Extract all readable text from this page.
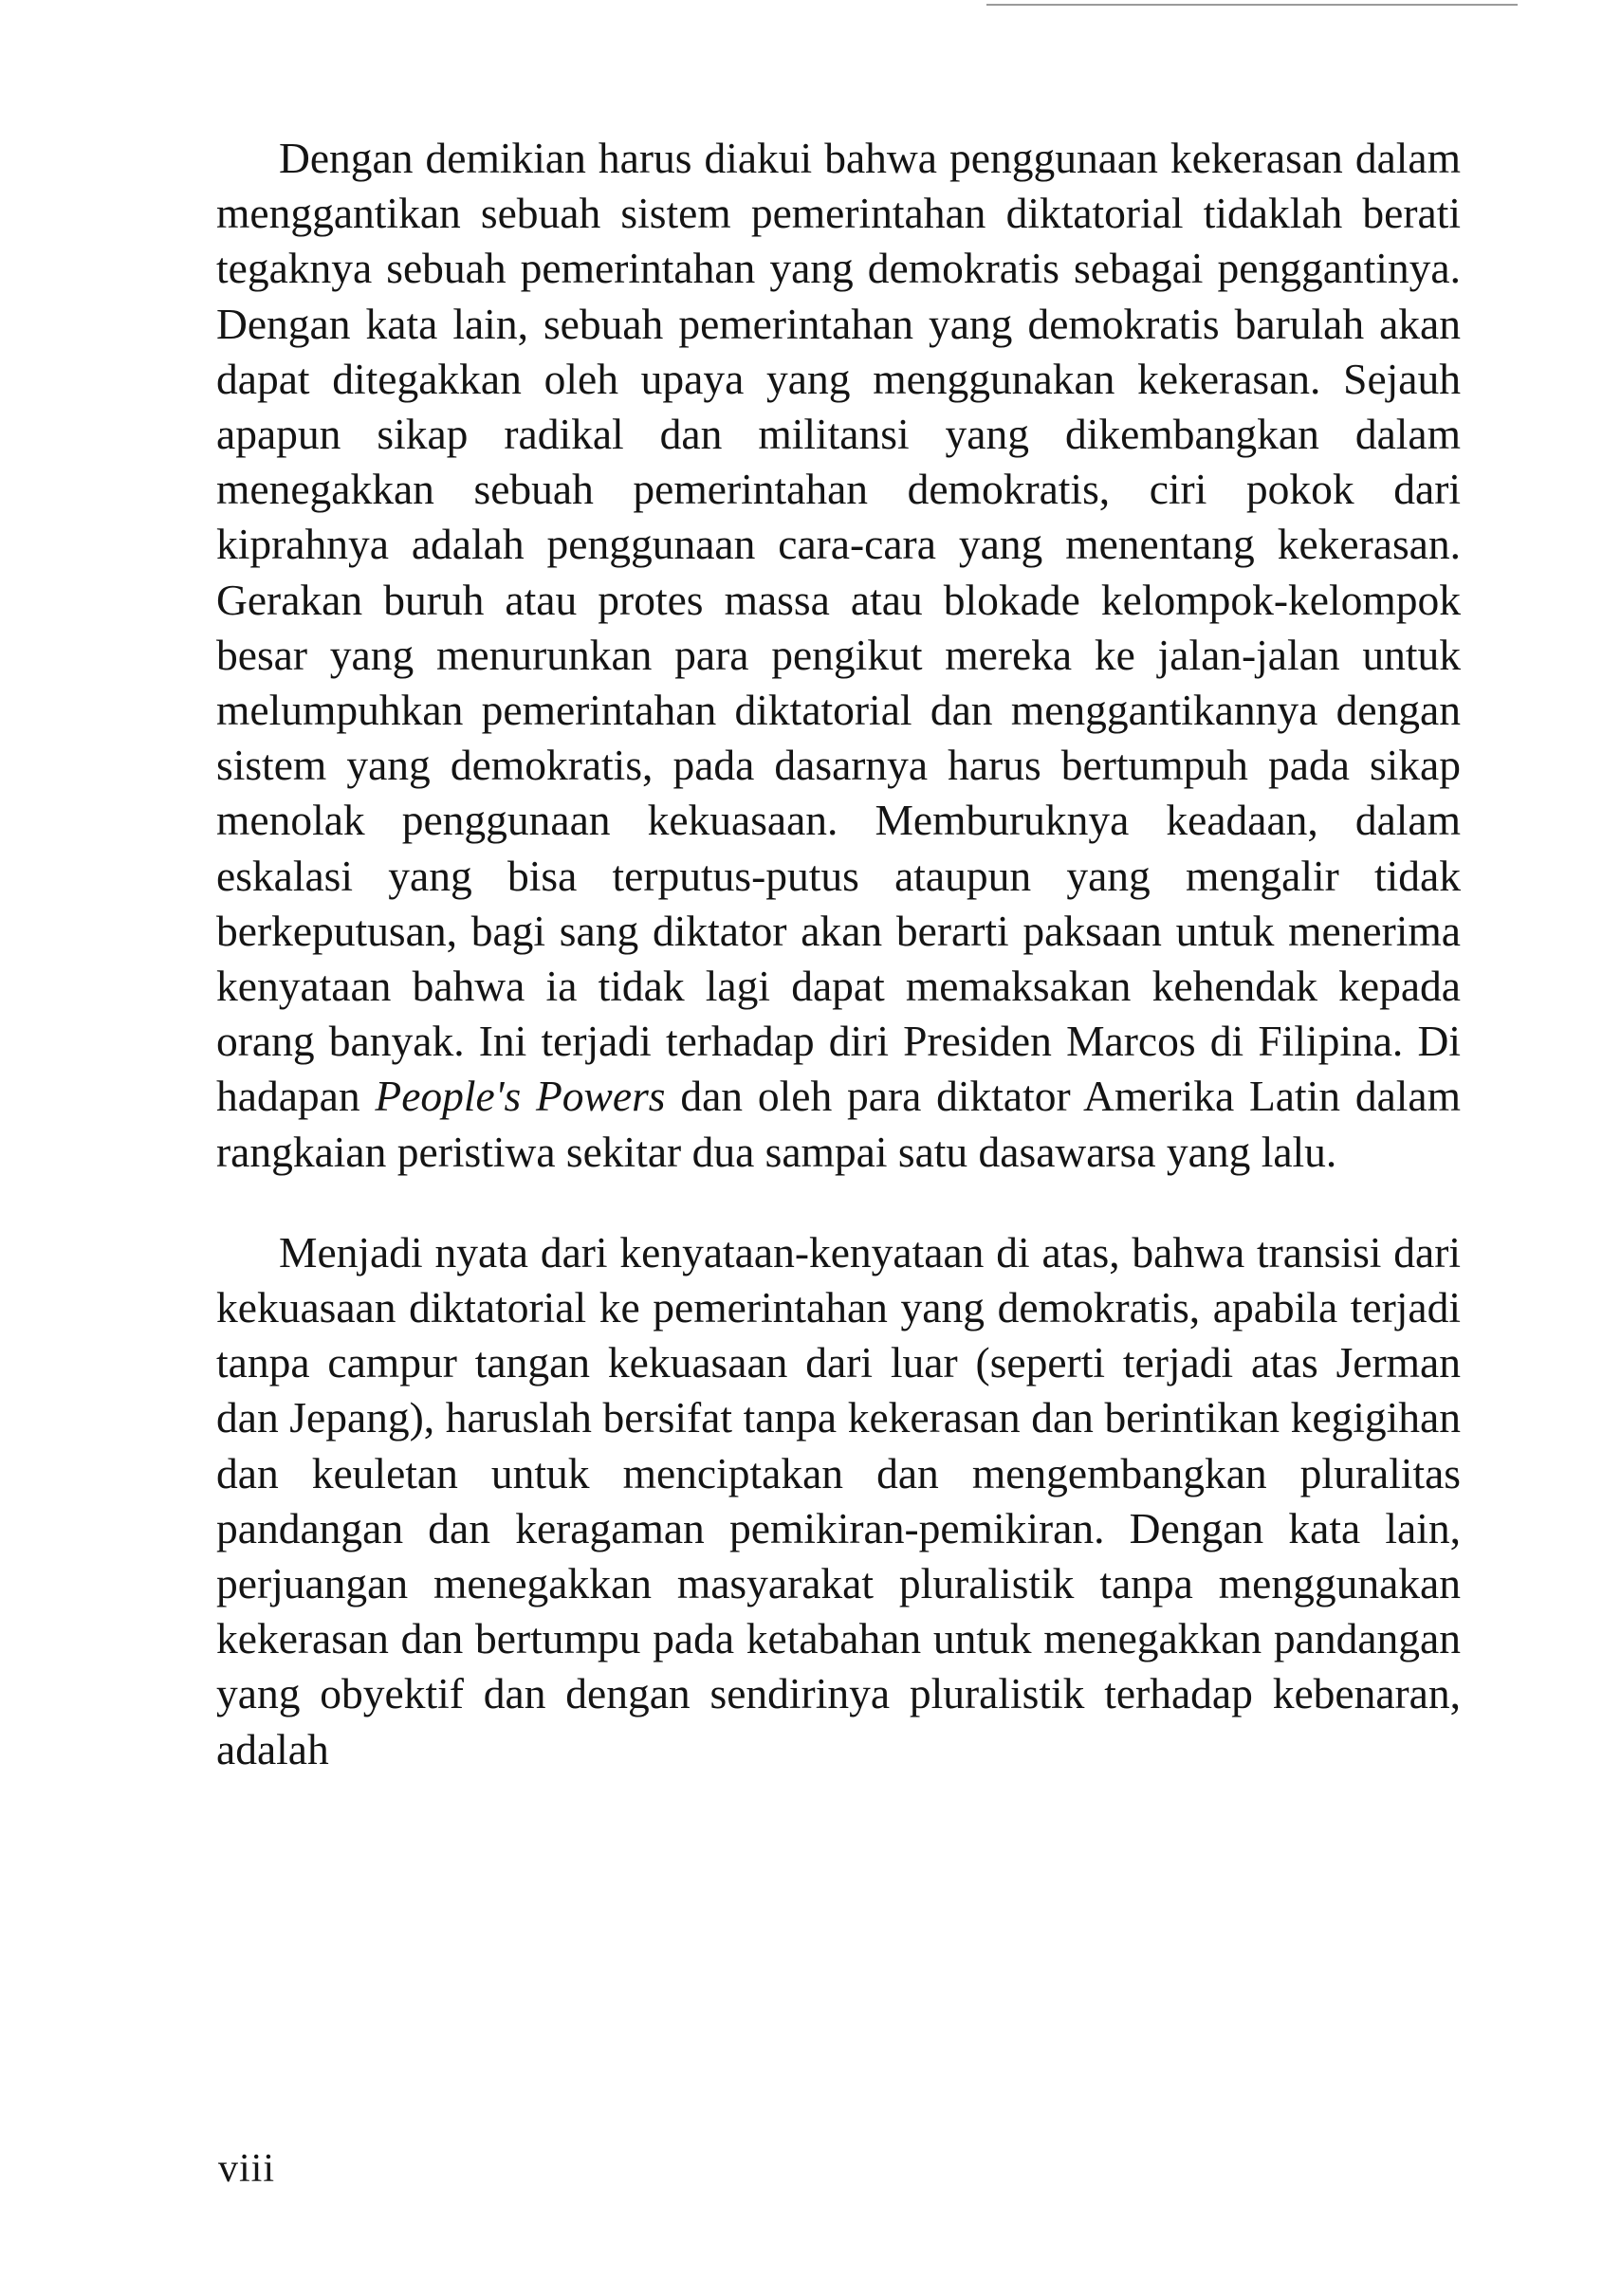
Dengan demikian harus diakui bahwa penggunaan kekerasan dalam menggantikan sebuah sistem pemerintahan diktatorial tidaklah berati tegaknya sebuah pemerintahan yang demokratis sebagai penggantinya. Dengan kata lain, sebuah pemerintahan yang demokratis barulah akan dapat ditegakkan oleh upaya yang menggunakan kekerasan. Sejauh apapun sikap radikal dan militansi yang dikembangkan dalam menegakkan sebuah pemerintahan demokratis, ciri pokok dari kiprahnya adalah penggunaan cara-cara yang menentang kekerasan. Gerakan buruh atau protes massa atau blokade kelompok-kelompok besar yang menurunkan para pengikut mereka ke jalan-jalan untuk melumpuhkan pemerintahan diktatorial dan menggantikannya dengan sistem yang demokratis, pada dasarnya harus bertumpuh pada sikap menolak penggunaan kekuasaan. Memburuknya keadaan, dalam eskalasi yang bisa terputus-putus ataupun yang mengalir tidak berkeputusan, bagi sang diktator akan berarti paksaan untuk menerima kenyataan bahwa ia tidak lagi dapat memaksakan kehendak kepada orang banyak. Ini terjadi terhadap diri Presiden Marcos di Filipina. Di hadapan People's Powers dan oleh para diktator Amerika Latin dalam rangkaian peristiwa sekitar dua sampai satu dasawarsa yang lalu.

Menjadi nyata dari kenyataan-kenyataan di atas, bahwa transisi dari kekuasaan diktatorial ke pemerintahan yang demokratis, apabila terjadi tanpa campur tangan kekuasaan dari luar (seperti terjadi atas Jerman dan Jepang), haruslah bersifat tanpa kekerasan dan berintikan kegigihan dan keuletan untuk menciptakan dan mengembangkan pluralitas pandangan dan keragaman pemikiran-pemikiran. Dengan kata lain, perjuangan menegakkan masyarakat pluralistik tanpa menggunakan kekerasan dan bertumpu pada ketabahan untuk menegakkan pandangan yang obyektif dan dengan sendirinya pluralistik terhadap kebenaran, adalah

viii
